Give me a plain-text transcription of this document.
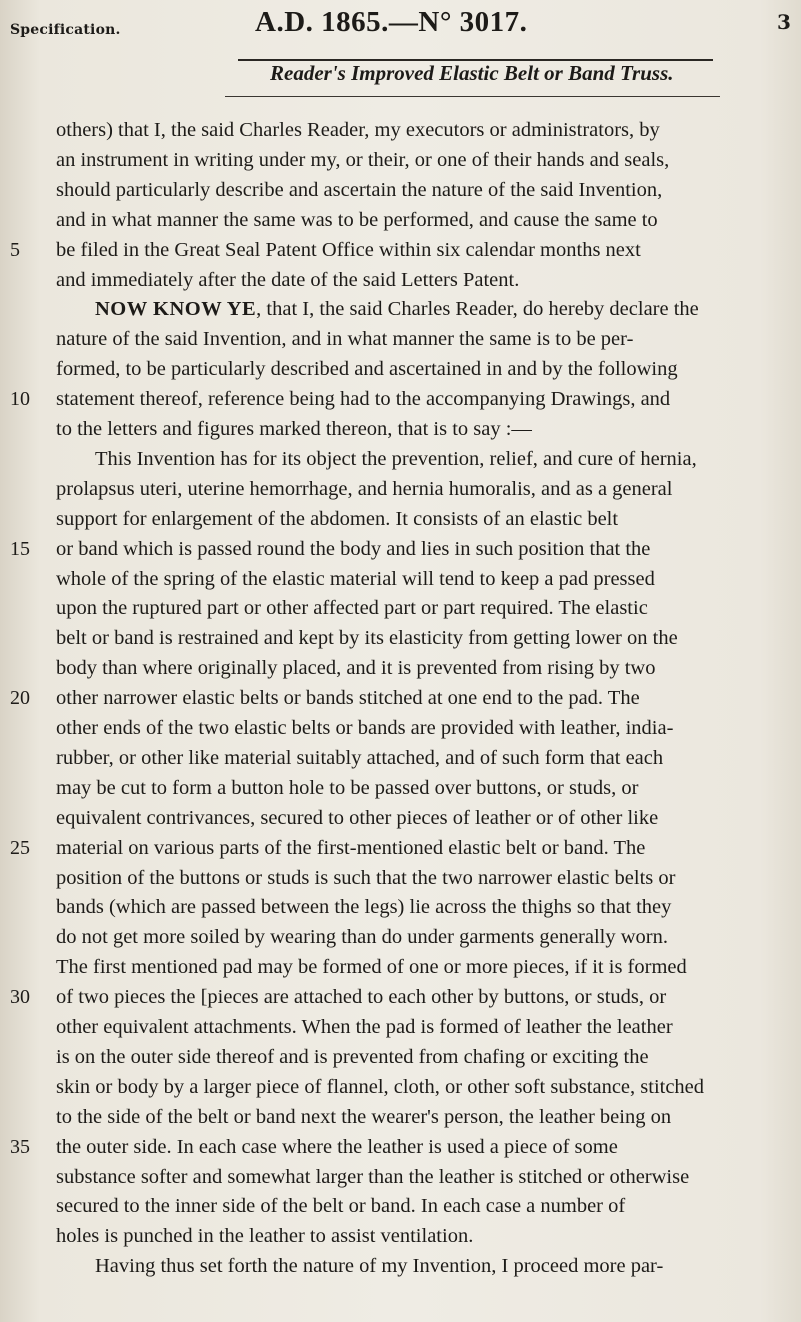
Specification.	A.D. 1865.—N° 3017.	3
Reader's Improved Elastic Belt or Band Truss.
others) that I, the said Charles Reader, my executors or administrators, by
an instrument in writing under my, or their, or one of their hands and seals,
should particularly describe and ascertain the nature of the said Invention,
and in what manner the same was to be performed, and cause the same to
be filed in the Great Seal Patent Office within six calendar months next
and immediately after the date of the said Letters Patent.
NOW KNOW YE, that I, the said Charles Reader, do hereby declare the
nature of the said Invention, and in what manner the same is to be per-
formed, to be particularly described and ascertained in and by the following
statement thereof, reference being had to the accompanying Drawings, and
to the letters and figures marked thereon, that is to say :—
This Invention has for its object the prevention, relief, and cure of hernia,
prolapsus uteri, uterine hemorrhage, and hernia humoralis, and as a general
support for enlargement of the abdomen. It consists of an elastic belt
or band which is passed round the body and lies in such position that the
whole of the spring of the elastic material will tend to keep a pad pressed
upon the ruptured part or other affected part or part required. The elastic
belt or band is restrained and kept by its elasticity from getting lower on the
body than where originally placed, and it is prevented from rising by two
other narrower elastic belts or bands stitched at one end to the pad. The
other ends of the two elastic belts or bands are provided with leather, india-
rubber, or other like material suitably attached, and of such form that each
may be cut to form a button hole to be passed over buttons, or studs, or
equivalent contrivances, secured to other pieces of leather or of other like
material on various parts of the first-mentioned elastic belt or band. The
position of the buttons or studs is such that the two narrower elastic belts or
bands (which are passed between the legs) lie across the thighs so that they
do not get more soiled by wearing than do under garments generally worn.
The first mentioned pad may be formed of one or more pieces, if it is formed
of two pieces the [pieces are attached to each other by buttons, or studs, or
other equivalent attachments. When the pad is formed of leather the leather
is on the outer side thereof and is prevented from chafing or exciting the
skin or body by a larger piece of flannel, cloth, or other soft substance, stitched
to the side of the belt or band next the wearer's person, the leather being on
the outer side. In each case where the leather is used a piece of some
substance softer and somewhat larger than the leather is stitched or otherwise
secured to the inner side of the belt or band. In each case a number of
holes is punched in the leather to assist ventilation.
Having thus set forth the nature of my Invention, I proceed more par-
5
10
15
20
25
30
35
